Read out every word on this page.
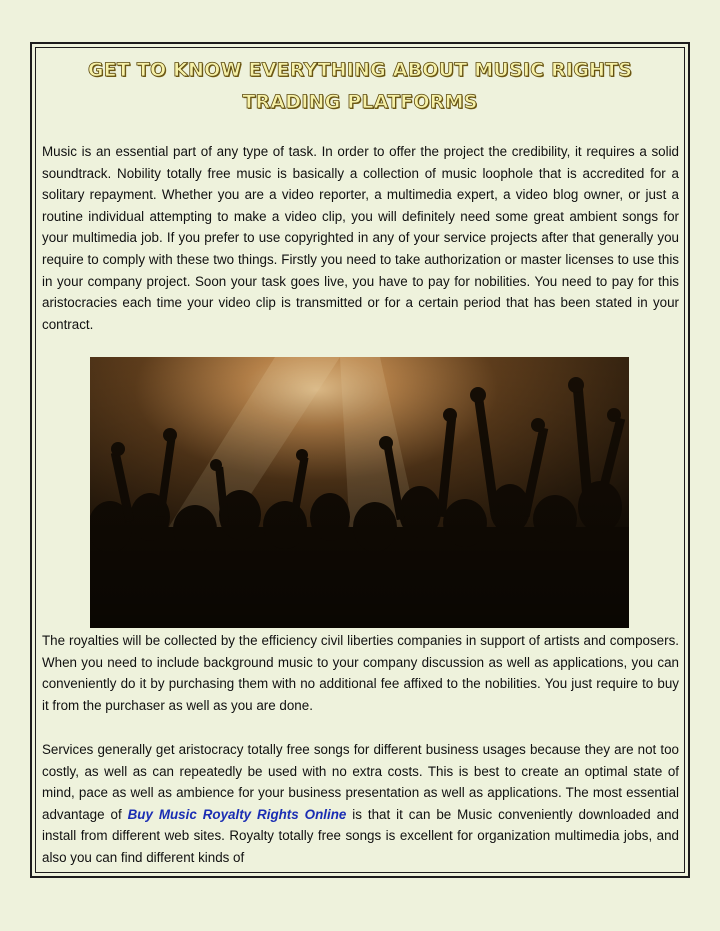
GET TO KNOW EVERYTHING ABOUT MUSIC RIGHTS TRADING PLATFORMS
Music is an essential part of any type of task. In order to offer the project the credibility, it requires a solid soundtrack. Nobility totally free music is basically a collection of music loophole that is accredited for a solitary repayment. Whether you are a video reporter, a multimedia expert, a video blog owner, or just a routine individual attempting to make a video clip, you will definitely need some great ambient songs for your multimedia job. If you prefer to use copyrighted in any of your service projects after that generally you require to comply with these two things. Firstly you need to take authorization or master licenses to use this in your company project. Soon your task goes live, you have to pay for nobilities. You need to pay for this aristocracies each time your video clip is transmitted or for a certain period that has been stated in your contract.
The royalties will be collected by the efficiency civil liberties companies in support of artists and composers. When you need to include background music to your company discussion as well as applications, you can conveniently do it by purchasing them with no additional fee affixed to the nobilities. You just require to buy it from the purchaser as well as you are done.
Services generally get aristocracy totally free songs for different business usages because they are not too costly, as well as can repeatedly be used with no extra costs. This is best to create an optimal state of mind, pace as well as ambience for your business presentation as well as applications. The most essential advantage of Buy Music Royalty Rights Online is that it can be Music conveniently downloaded and install from different web sites. Royalty totally free songs is excellent for organization multimedia jobs, and also you can find different kinds of
